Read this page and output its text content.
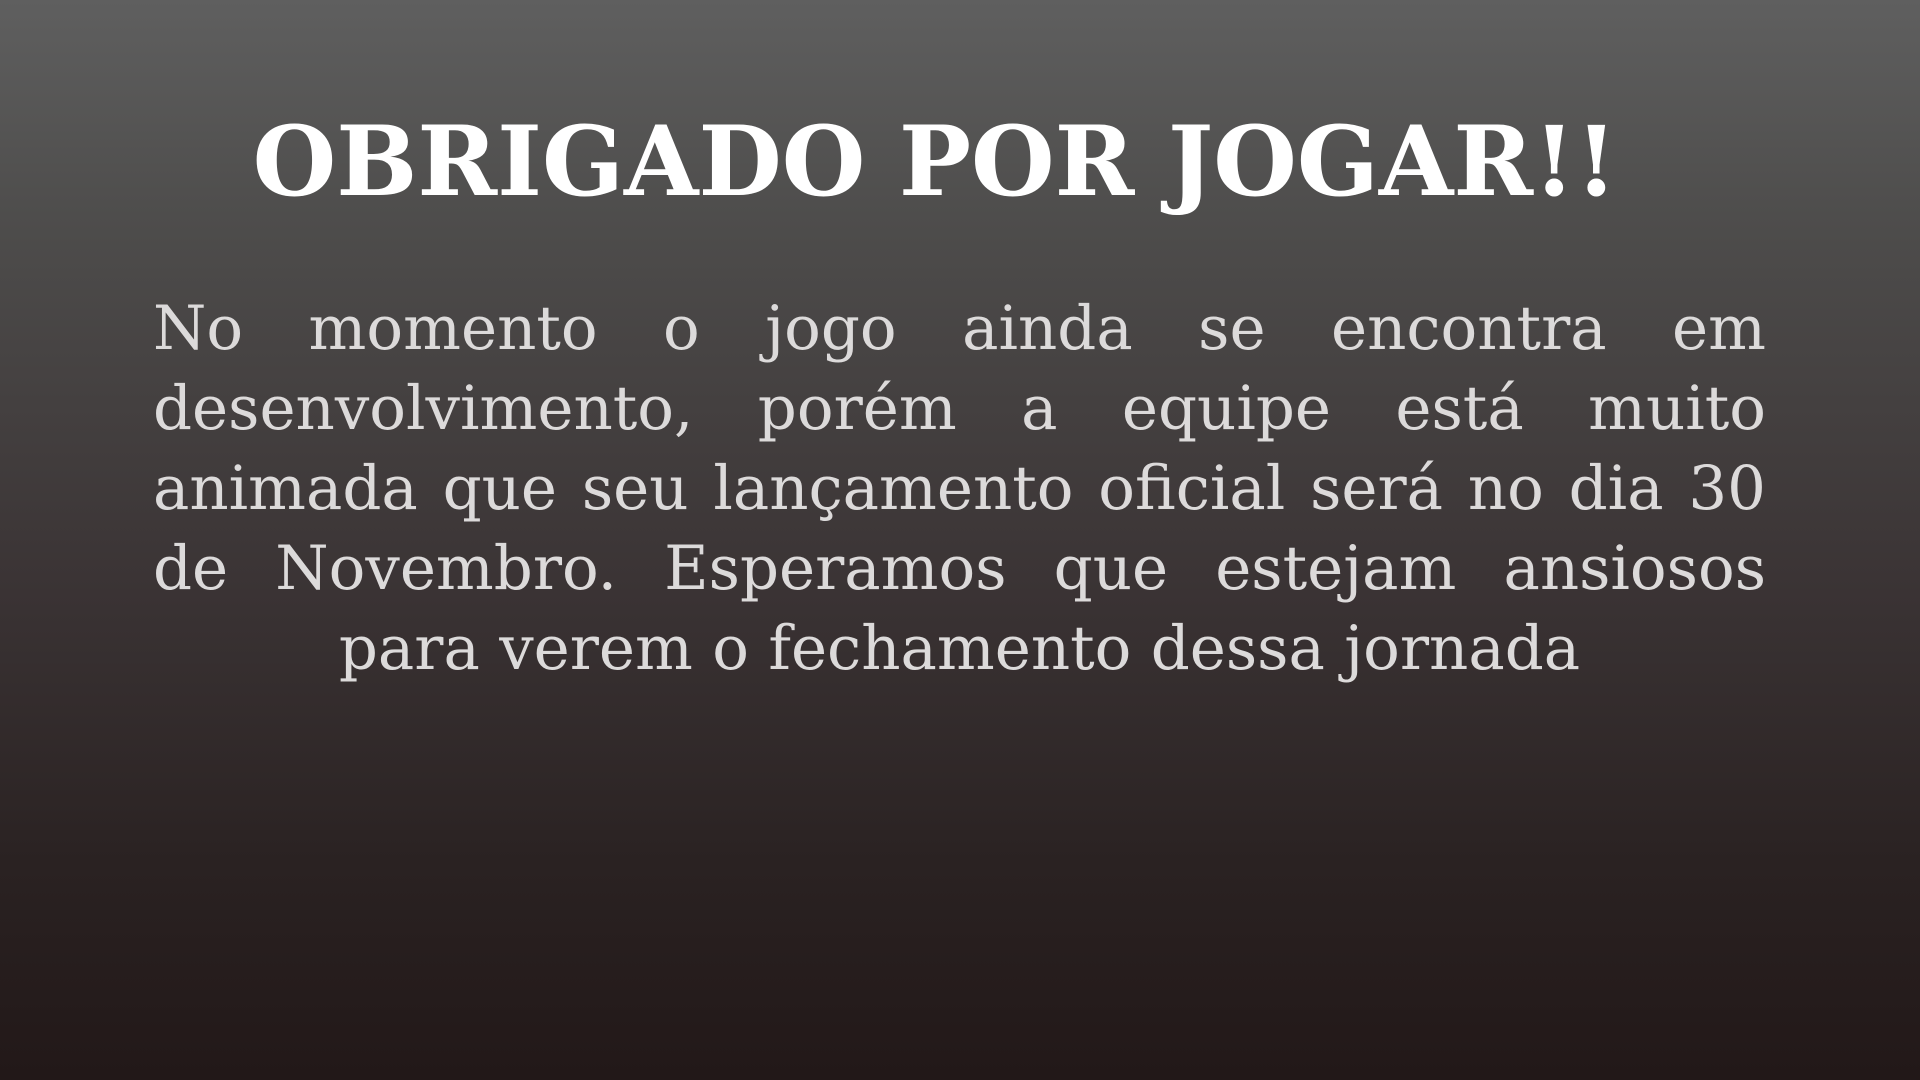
OBRIGADO POR JOGAR!!

No momento o jogo ainda se encontra em desenvolvimento, porém a equipe está muito animada que seu lançamento oficial será no dia 30 de Novembro. Esperamos que estejam ansiosos para verem o fechamento dessa jornada
